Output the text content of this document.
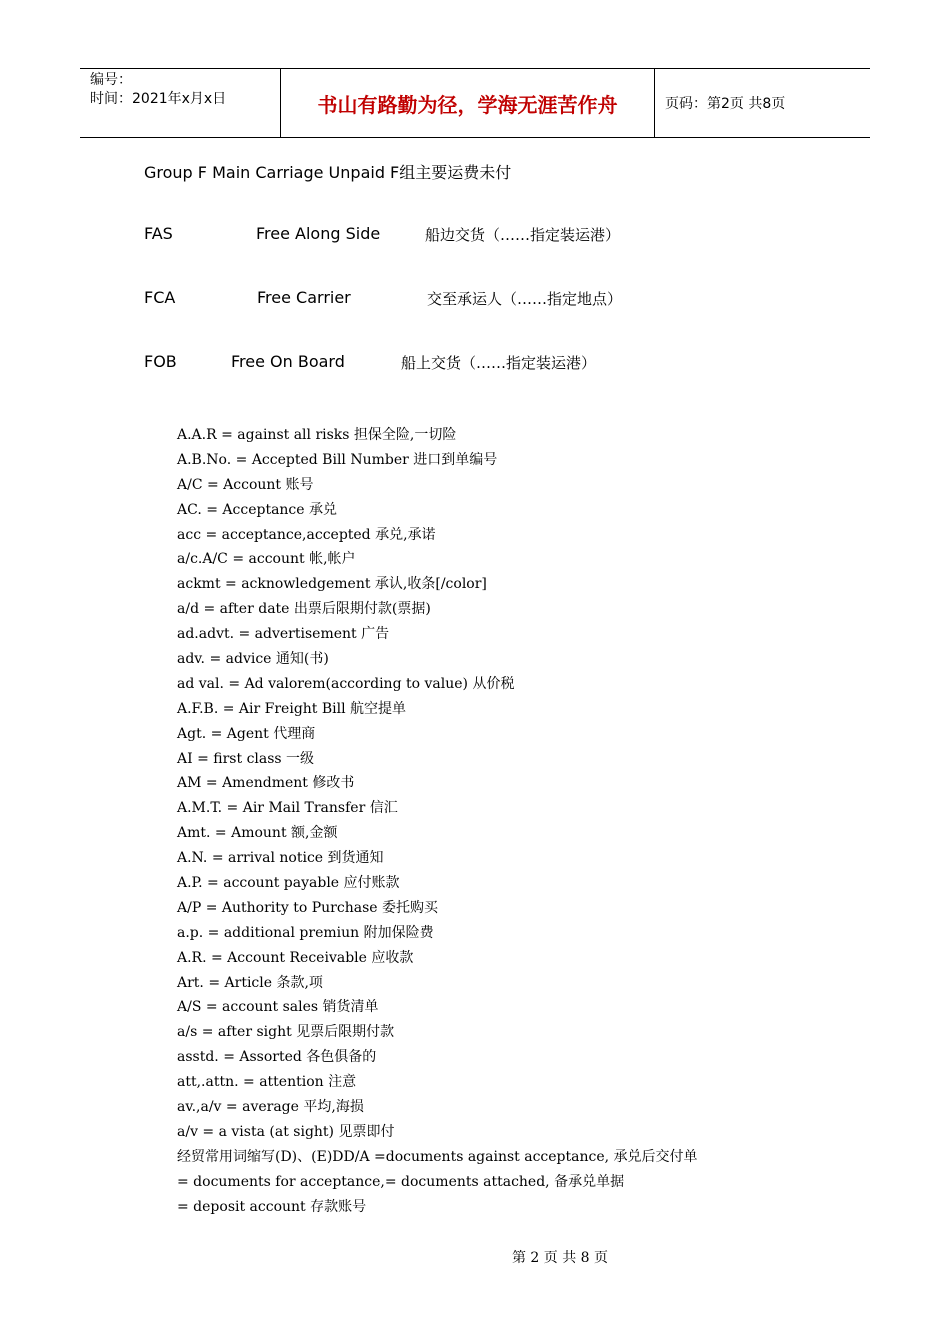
编号：
时间：2021年x月x日	书山有路勤为径，学海无涯苦作舟	页码：第2页 共8页
Group F Main Carriage Unpaid F组主要运费未付
FAS	Free Along Side	船边交货（……指定装运港）
FCA	Free Carrier	交至承运人（……指定地点）
FOB	Free On Board	船上交货（……指定装运港）
A.A.R = against all risks 担保全险,一切险
A.B.No. = Accepted Bill Number 进口到单编号
A/C = Account 账号
AC. = Acceptance 承兑
acc = acceptance,accepted 承兑,承诺
a/c.A/C = account 帐,帐户
ackmt = acknowledgement 承认,收条[/color]
a/d = after date 出票后限期付款(票据)
ad.advt. = advertisement 广告
adv. = advice 通知(书)
ad val. = Ad valorem(according to value) 从价税
A.F.B. = Air Freight Bill 航空提单
Agt. = Agent 代理商
AI = first class 一级
AM = Amendment 修改书
A.M.T. = Air Mail Transfer 信汇
Amt. = Amount 额,金额
A.N. = arrival notice 到货通知
A.P. = account payable 应付账款
A/P = Authority to Purchase 委托购买
a.p. = additional premiun 附加保险费
A.R. = Account Receivable 应收款
Art. = Article 条款,项
A/S = account sales 销货清单
a/s = after sight 见票后限期付款
asstd. = Assorted 各色俱备的
att,.attn. = attention 注意
av.,a/v = average 平均,海损
a/v = a vista (at sight) 见票即付
经贸常用词缩写(D)、(E)DD/A =documents against acceptance, 承兑后交付单
= documents for acceptance,= documents attached, 备承兑单据
= deposit account 存款账号
第 2 页 共 8 页
